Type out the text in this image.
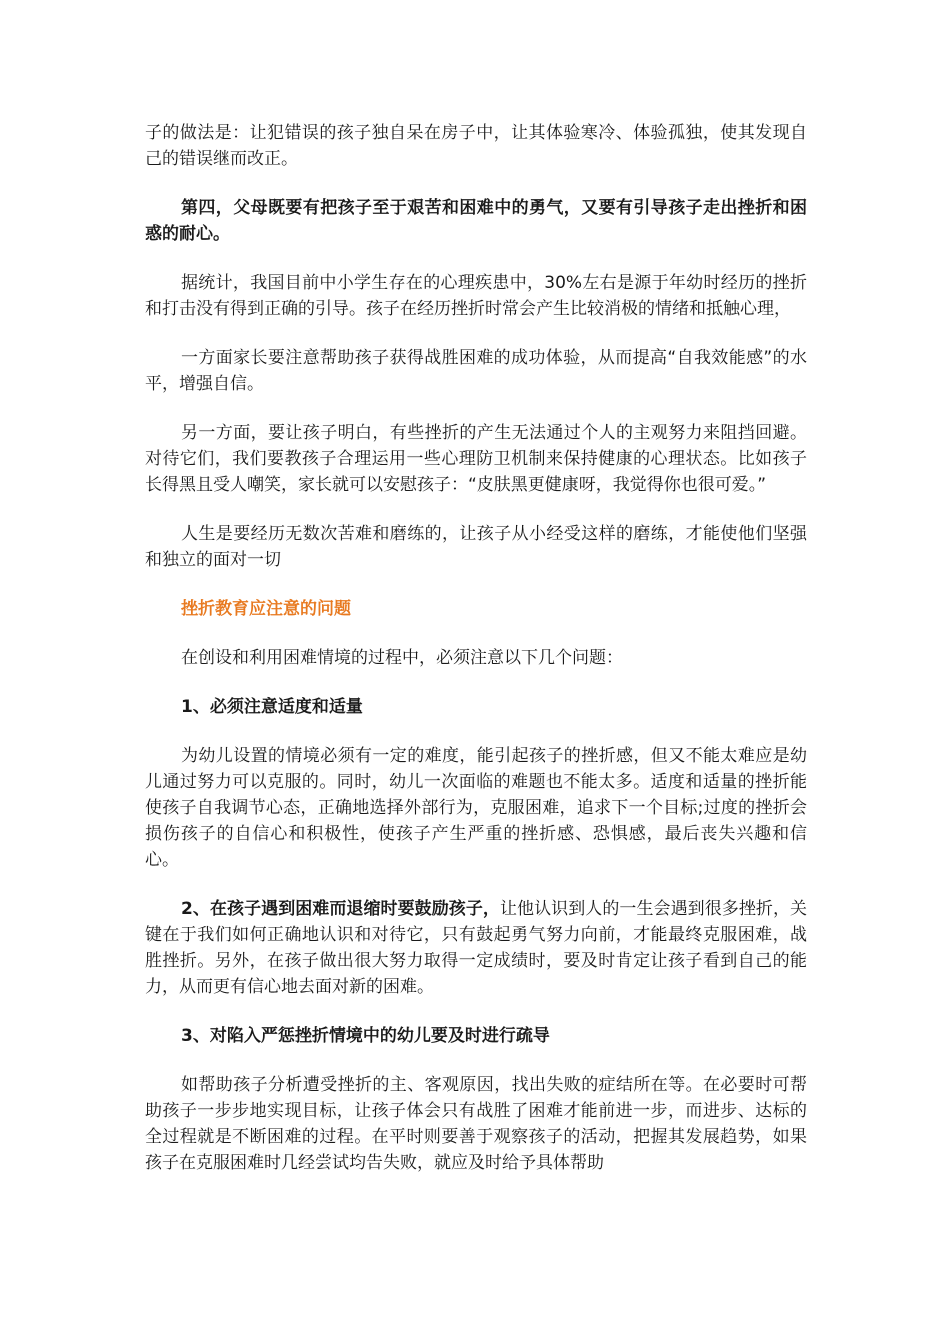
子的做法是：让犯错误的孩子独自呆在房子中，让其体验寒冷、体验孤独，使其发现自己的错误继而改正。

第四，父母既要有把孩子至于艰苦和困难中的勇气，又要有引导孩子走出挫折和困惑的耐心。

据统计，我国目前中小学生存在的心理疾患中，30%左右是源于年幼时经历的挫折和打击没有得到正确的引导。孩子在经历挫折时常会产生比较消极的情绪和抵触心理，

一方面家长要注意帮助孩子获得战胜困难的成功体验，从而提高“自我效能感”的水平，增强自信。

另一方面，要让孩子明白，有些挫折的产生无法通过个人的主观努力来阻挡回避。对待它们，我们要教孩子合理运用一些心理防卫机制来保持健康的心理状态。比如孩子长得黑且受人嘲笑，家长就可以安慰孩子：“皮肤黑更健康呀，我觉得你也很可爱。”

人生是要经历无数次苦难和磨练的，让孩子从小经受这样的磨练，才能使他们坚强和独立的面对一切

挫折教育应注意的问题

在创设和利用困难情境的过程中，必须注意以下几个问题：

1、必须注意适度和适量

为幼儿设置的情境必须有一定的难度，能引起孩子的挫折感，但又不能太难应是幼儿通过努力可以克服的。同时，幼儿一次面临的难题也不能太多。适度和适量的挫折能使孩子自我调节心态，正确地选择外部行为，克服困难，追求下一个目标;过度的挫折会损伤孩子的自信心和积极性，使孩子产生严重的挫折感、恐惧感，最后丧失兴趣和信心。

2、在孩子遇到困难而退缩时要鼓励孩子，让他认识到人的一生会遇到很多挫折，关键在于我们如何正确地认识和对待它，只有鼓起勇气努力向前，才能最终克服困难，战胜挫折。另外，在孩子做出很大努力取得一定成绩时，要及时肯定让孩子看到自己的能力，从而更有信心地去面对新的困难。

3、对陷入严惩挫折情境中的幼儿要及时进行疏导

如帮助孩子分析遭受挫折的主、客观原因，找出失败的症结所在等。在必要时可帮助孩子一步步地实现目标，让孩子体会只有战胜了困难才能前进一步，而进步、达标的全过程就是不断困难的过程。在平时则要善于观察孩子的活动，把握其发展趋势，如果孩子在克服困难时几经尝试均告失败，就应及时给予具体帮助
